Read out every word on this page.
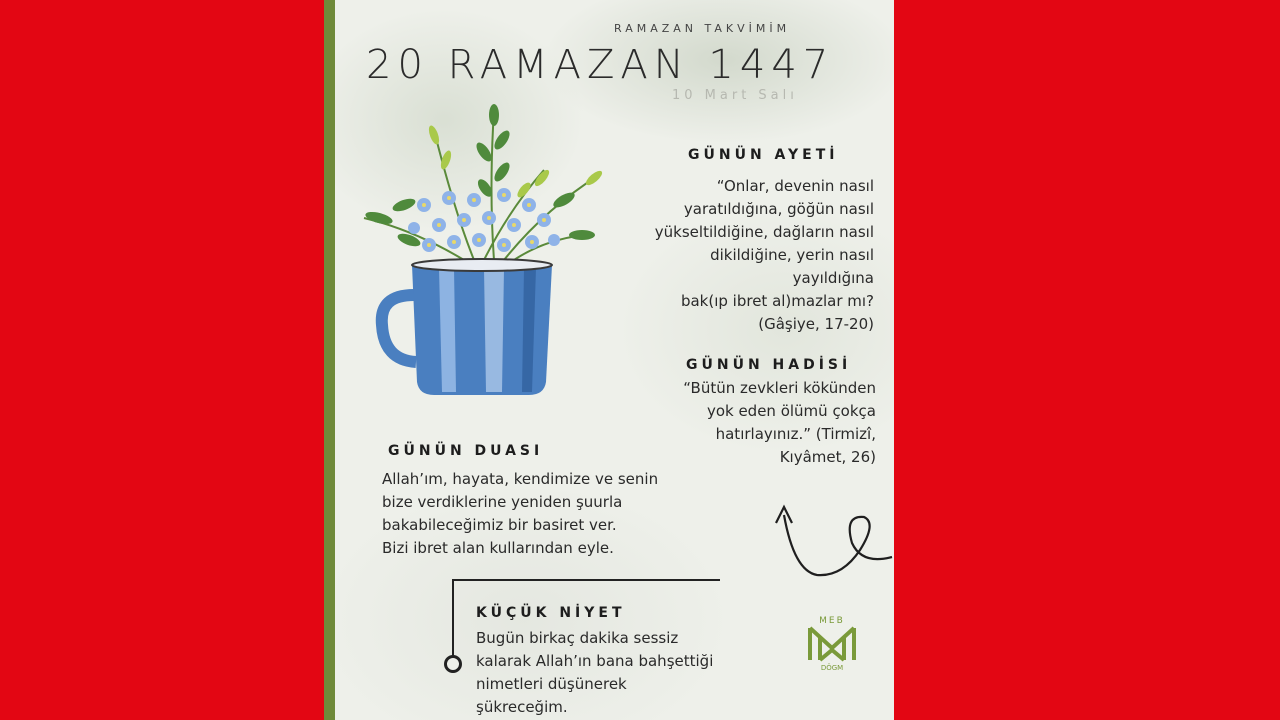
RAMAZAN TAKVİMİM

20 RAMAZAN 1447

10 Mart Salı

GÜNÜN AYETİ

“Onlar, devenin nasıl
yaratıldığına, göğün nasıl
yükseltildiğine, dağların nasıl
dikildiğine, yerin nasıl
yayıldığına
bak(ıp ibret al)mazlar mı?
(Gâşiye, 17-20)

GÜNÜN HADİSİ

“Bütün zevkleri kökünden
yok eden ölümü çokça
hatırlayınız.” (Tirmizî,
Kıyâmet, 26)

GÜNÜN DUASI

Allah’ım, hayata, kendimize ve senin
bize verdiklerine yeniden şuurla
bakabileceğimiz bir basiret ver.
Bizi ibret alan kullarından eyle.

KÜÇÜK NİYET

Bugün birkaç dakika sessiz
kalarak Allah’ın bana bahşettiği
nimetleri düşünerek
şükreceğim.

MEB
DÖGM
